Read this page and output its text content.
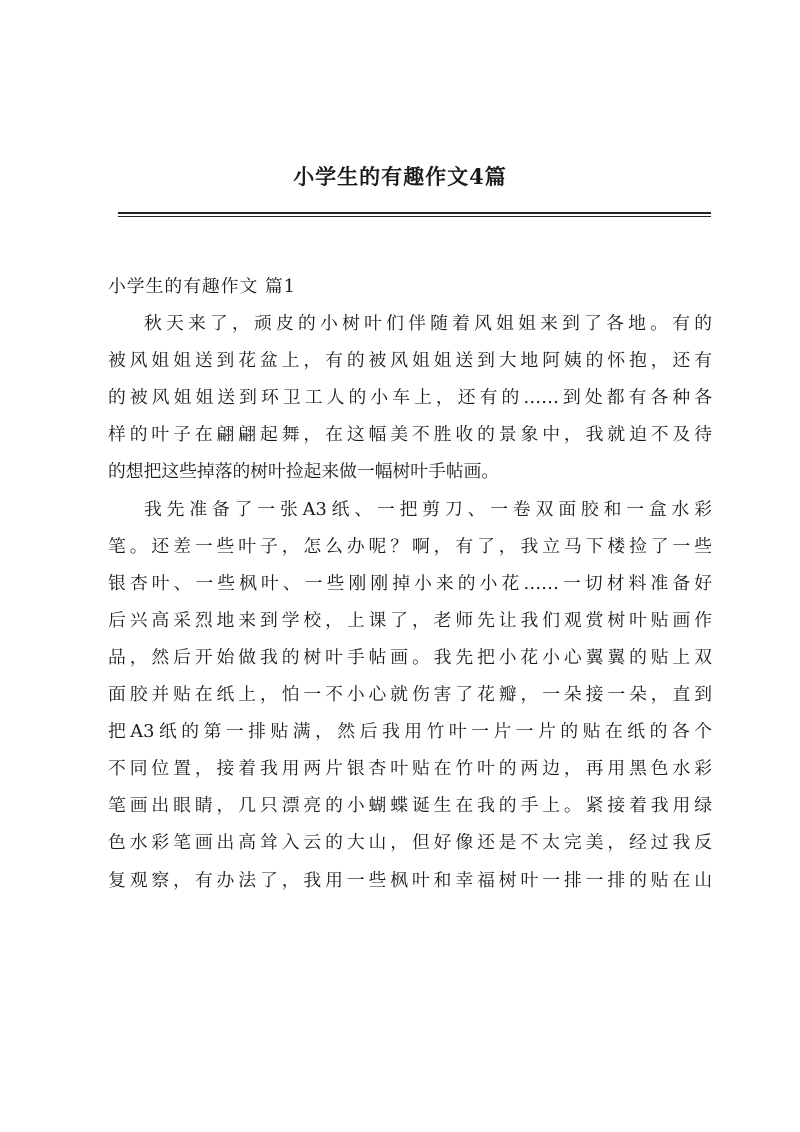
小学生的有趣作文4篇
小学生的有趣作文 篇1
秋天来了，顽皮的小树叶们伴随着风姐姐来到了各地。有的
被风姐姐送到花盆上，有的被风姐姐送到大地阿姨的怀抱，还有
的被风姐姐送到环卫工人的小车上，还有的……到处都有各种各
样的叶子在翩翩起舞，在这幅美不胜收的景象中，我就迫不及待
的想把这些掉落的树叶捡起来做一幅树叶手帖画。
我先准备了一张A3纸、一把剪刀、一卷双面胶和一盒水彩
笔。还差一些叶子，怎么办呢？啊，有了，我立马下楼捡了一些
银杏叶、一些枫叶、一些刚刚掉小来的小花……一切材料准备好
后兴高采烈地来到学校，上课了，老师先让我们观赏树叶贴画作
品，然后开始做我的树叶手帖画。我先把小花小心翼翼的贴上双
面胶并贴在纸上，怕一不小心就伤害了花瓣，一朵接一朵，直到
把A3纸的第一排贴满，然后我用竹叶一片一片的贴在纸的各个
不同位置，接着我用两片银杏叶贴在竹叶的两边，再用黑色水彩
笔画出眼睛，几只漂亮的小蝴蝶诞生在我的手上。紧接着我用绿
色水彩笔画出高耸入云的大山，但好像还是不太完美，经过我反
复观察，有办法了，我用一些枫叶和幸福树叶一排一排的贴在山
